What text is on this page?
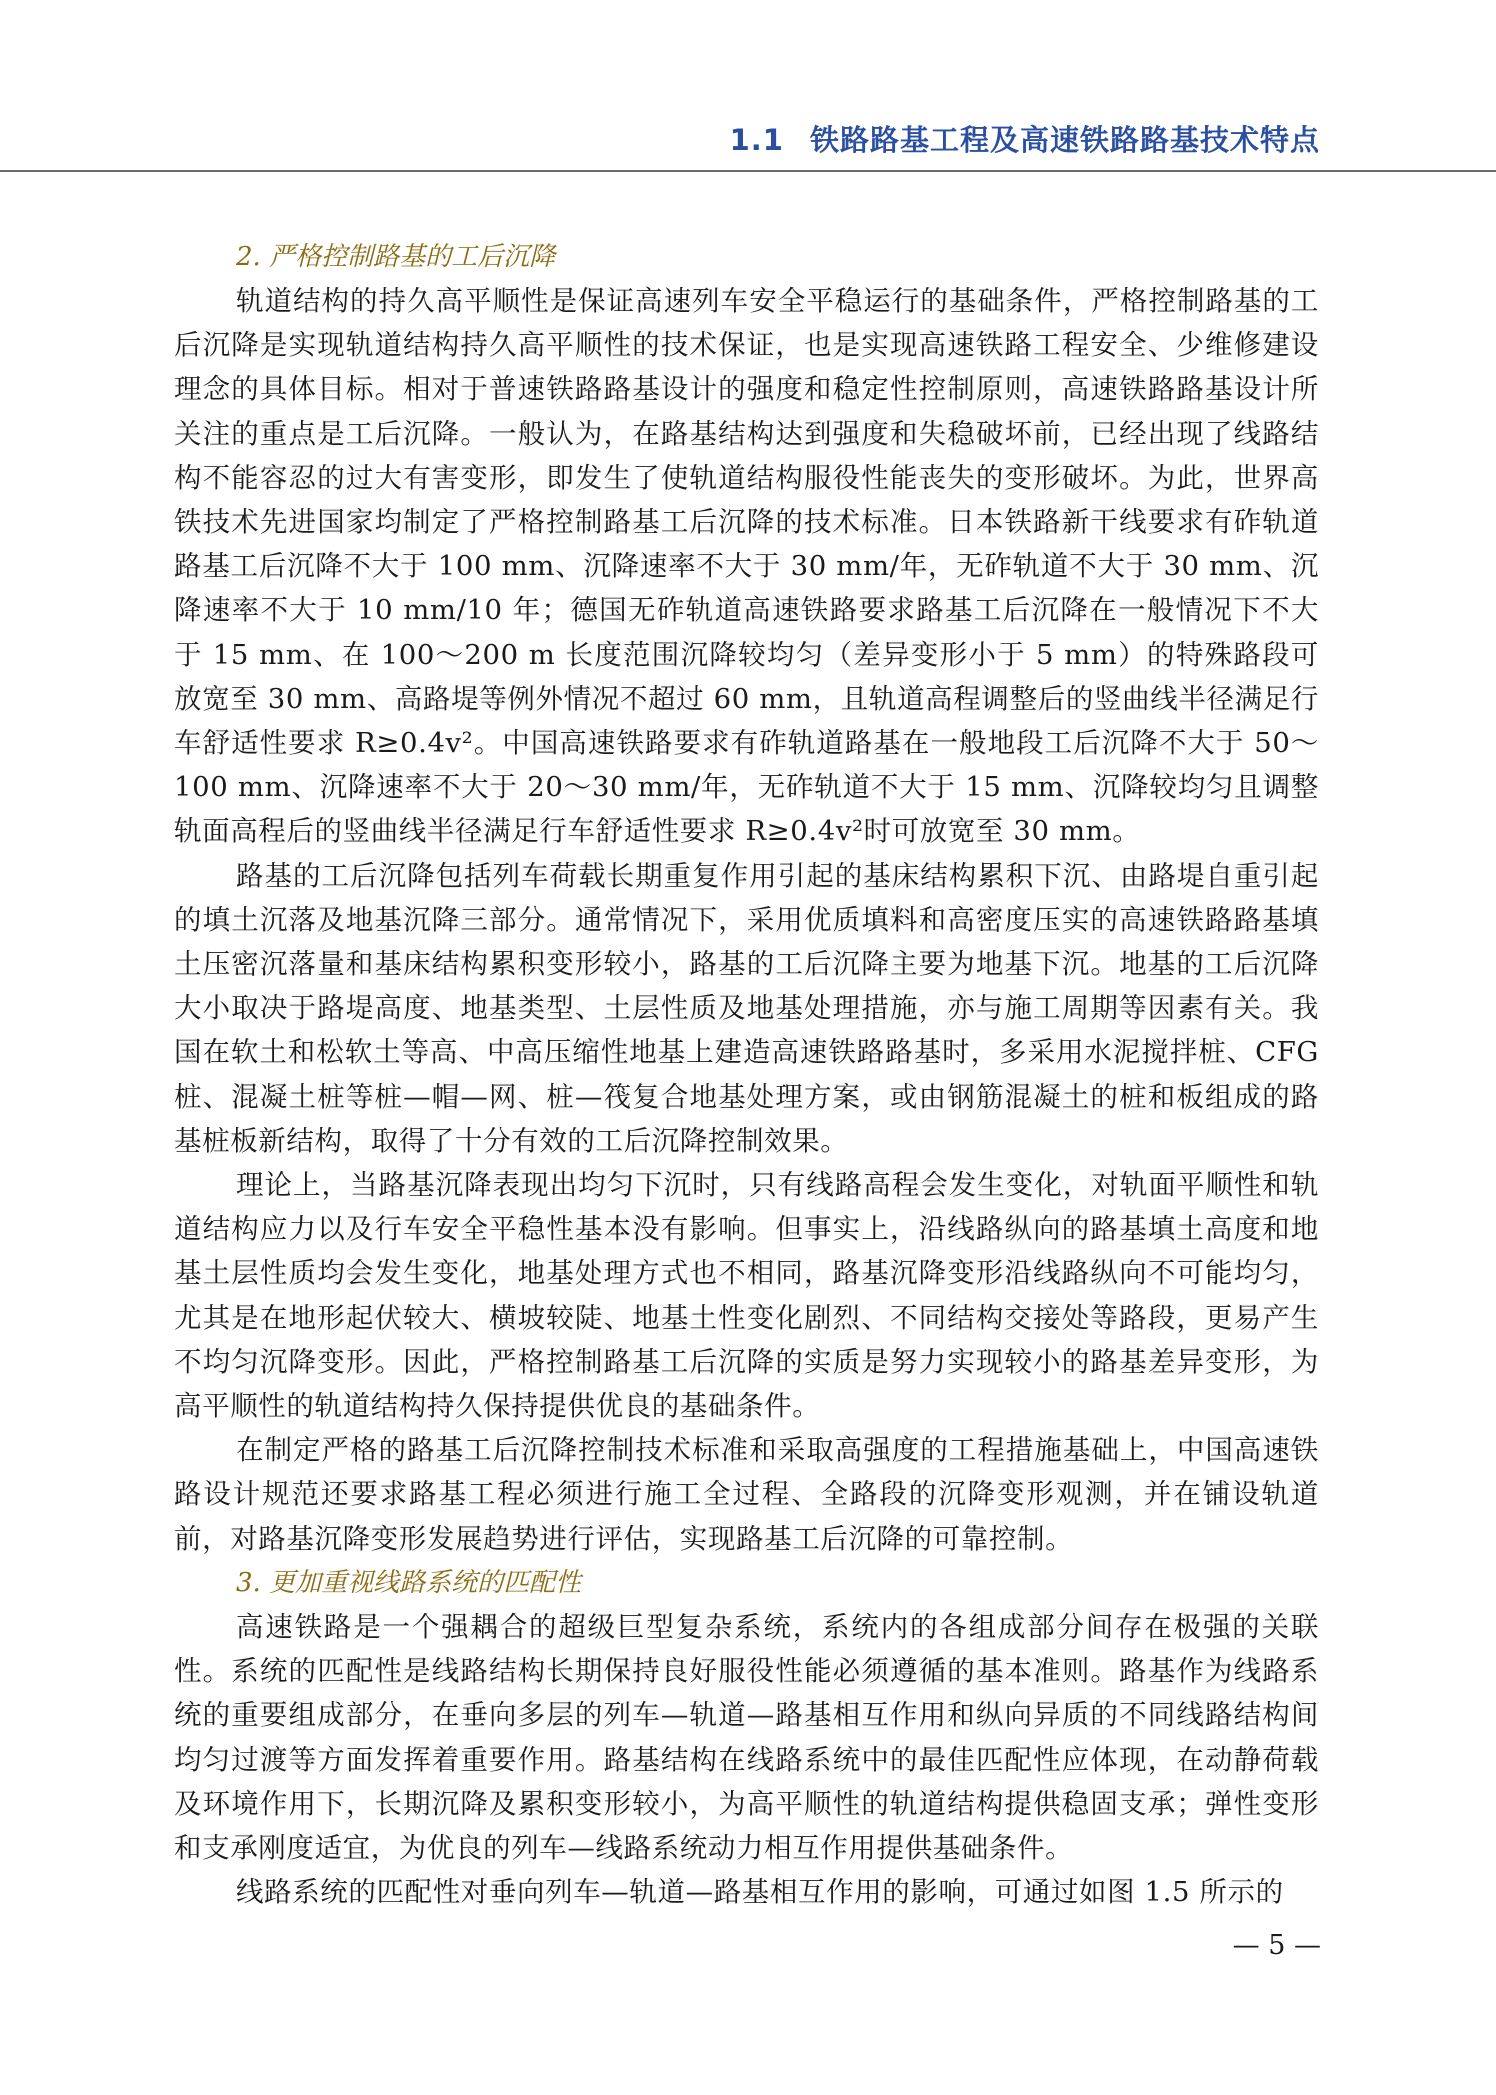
1.1 铁路路基工程及高速铁路路基技术特点
2. 严格控制路基的工后沉降

轨道结构的持久高平顺性是保证高速列车安全平稳运行的基础条件，严格控制路基的工后沉降是实现轨道结构持久高平顺性的技术保证，也是实现高速铁路工程安全、少维修建设理念的具体目标。相对于普速铁路路基设计的强度和稳定性控制原则，高速铁路路基设计所关注的重点是工后沉降。一般认为，在路基结构达到强度和失稳破坏前，已经出现了线路结构不能容忍的过大有害变形，即发生了使轨道结构服役性能丧失的变形破坏。为此，世界高铁技术先进国家均制定了严格控制路基工后沉降的技术标准。日本铁路新干线要求有砟轨道路基工后沉降不大于 100 mm、沉降速率不大于 30 mm/年，无砟轨道不大于 30 mm、沉降速率不大于 10 mm/10 年；德国无砟轨道高速铁路要求路基工后沉降在一般情况下不大于 15 mm、在 100～200 m 长度范围沉降较均匀（差异变形小于 5 mm）的特殊路段可放宽至 30 mm、高路堤等例外情况不超过 60 mm，且轨道高程调整后的竖曲线半径满足行车舒适性要求 R≥0.4v²。中国高速铁路要求有砟轨道路基在一般地段工后沉降不大于 50～100 mm、沉降速率不大于 20～30 mm/年，无砟轨道不大于 15 mm、沉降较均匀且调整轨面高程后的竖曲线半径满足行车舒适性要求 R≥0.4v²时可放宽至 30 mm。

路基的工后沉降包括列车荷载长期重复作用引起的基床结构累积下沉、由路堤自重引起的填土沉落及地基沉降三部分。通常情况下，采用优质填料和高密度压实的高速铁路路基填土压密沉落量和基床结构累积变形较小，路基的工后沉降主要为地基下沉。地基的工后沉降大小取决于路堤高度、地基类型、土层性质及地基处理措施，亦与施工周期等因素有关。我国在软土和松软土等高、中高压缩性地基上建造高速铁路路基时，多采用水泥搅拌桩、CFG 桩、混凝土桩等桩—帽—网、桩—筏复合地基处理方案，或由钢筋混凝土的桩和板组成的路基桩板新结构，取得了十分有效的工后沉降控制效果。

理论上，当路基沉降表现出均匀下沉时，只有线路高程会发生变化，对轨面平顺性和轨道结构应力以及行车安全平稳性基本没有影响。但事实上，沿线路纵向的路基填土高度和地基土层性质均会发生变化，地基处理方式也不相同，路基沉降变形沿线路纵向不可能均匀，尤其是在地形起伏较大、横坡较陡、地基土性变化剧烈、不同结构交接处等路段，更易产生不均匀沉降变形。因此，严格控制路基工后沉降的实质是努力实现较小的路基差异变形，为高平顺性的轨道结构持久保持提供优良的基础条件。

在制定严格的路基工后沉降控制技术标准和采取高强度的工程措施基础上，中国高速铁路设计规范还要求路基工程必须进行施工全过程、全路段的沉降变形观测，并在铺设轨道前，对路基沉降变形发展趋势进行评估，实现路基工后沉降的可靠控制。

3. 更加重视线路系统的匹配性

高速铁路是一个强耦合的超级巨型复杂系统，系统内的各组成部分间存在极强的关联性。系统的匹配性是线路结构长期保持良好服役性能必须遵循的基本准则。路基作为线路系统的重要组成部分，在垂向多层的列车—轨道—路基相互作用和纵向异质的不同线路结构间均匀过渡等方面发挥着重要作用。路基结构在线路系统中的最佳匹配性应体现，在动静荷载及环境作用下，长期沉降及累积变形较小，为高平顺性的轨道结构提供稳固支承；弹性变形和支承刚度适宜，为优良的列车—线路系统动力相互作用提供基础条件。

线路系统的匹配性对垂向列车—轨道—路基相互作用的影响，可通过如图 1.5 所示的

— 5 —
